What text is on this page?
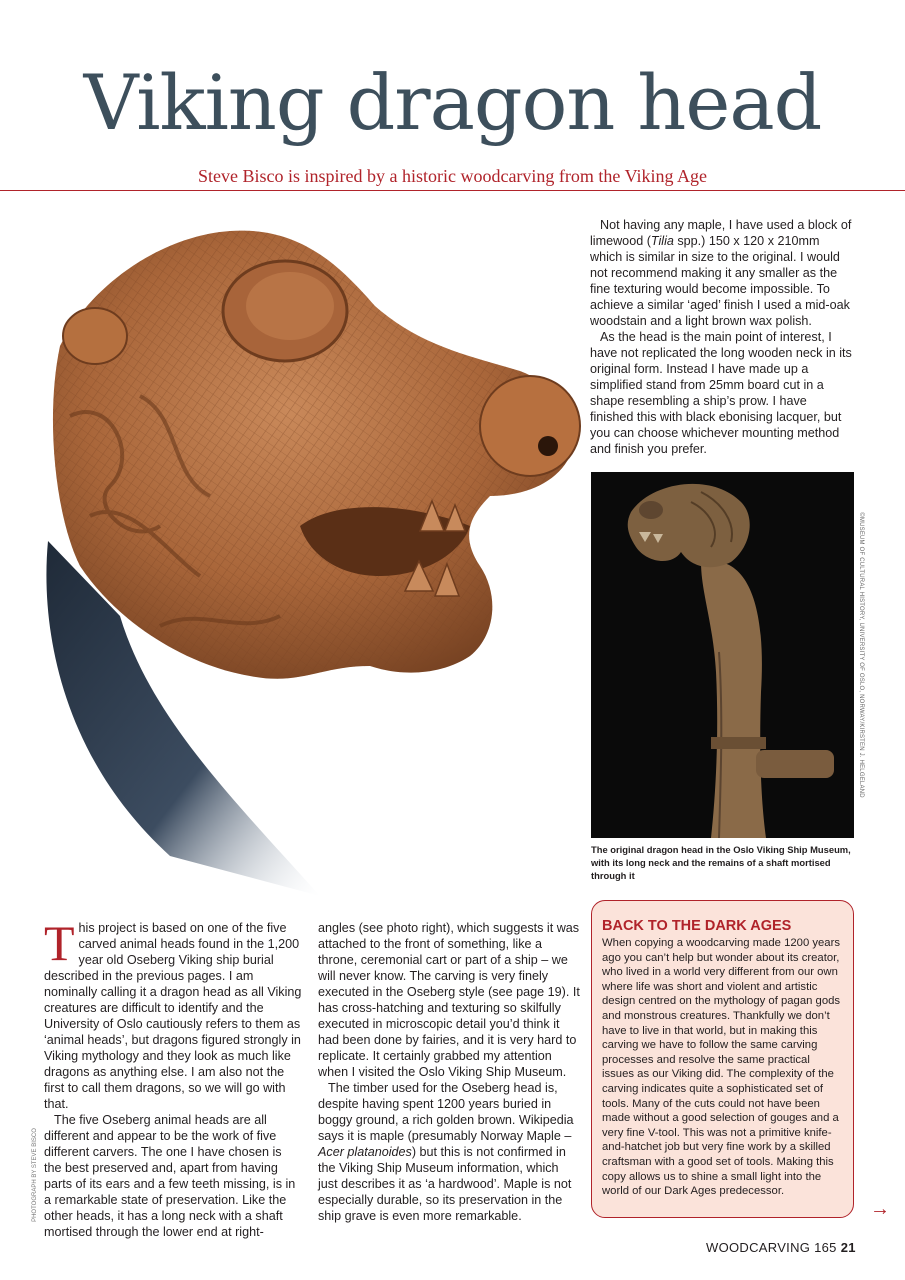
Viking dragon head
Steve Bisco is inspired by a historic woodcarving from the Viking Age

Not having any maple, I have used a block of limewood (Tilia spp.) 150 x 120 x 210mm which is similar in size to the original. I would not recommend making it any smaller as the fine texturing would become impossible. To achieve a similar ‘aged’ finish I used a mid-oak woodstain and a light brown wax polish.

As the head is the main point of interest, I have not replicated the long wooden neck in its original form. Instead I have made up a simplified stand from 25mm board cut in a shape resembling a ship’s prow. I have finished this with black ebonising lacquer, but you can choose whichever mounting method and finish you prefer.

©MUSEUM OF CULTURAL HISTORY, UNIVERSITY OF OSLO, NORWAY/KIRSTEN J. HELGELAND
The original dragon head in the Oslo Viking Ship Museum, with its long neck and the remains of a shaft mortised through it

This project is based on one of the five carved animal heads found in the 1,200 year old Oseberg Viking ship burial described in the previous pages. I am nominally calling it a dragon head as all Viking creatures are difficult to identify and the University of Oslo cautiously refers to them as ‘animal heads’, but dragons figured strongly in Viking mythology and they look as much like dragons as anything else. I am also not the first to call them dragons, so we will go with that.

The five Oseberg animal heads are all different and appear to be the work of five different carvers. The one I have chosen is the best preserved and, apart from having parts of its ears and a few teeth missing, is in a remarkable state of preservation. Like the other heads, it has a long neck with a shaft mortised through the lower end at right-

angles (see photo right), which suggests it was attached to the front of something, like a throne, ceremonial cart or part of a ship – we will never know. The carving is very finely executed in the Oseberg style (see page 19). It has cross-hatching and texturing so skilfully executed in microscopic detail you’d think it had been done by fairies, and it is very hard to replicate. It certainly grabbed my attention when I visited the Oslo Viking Ship Museum.

The timber used for the Oseberg head is, despite having spent 1200 years buried in boggy ground, a rich golden brown. Wikipedia says it is maple (presumably Norway Maple – Acer platanoides) but this is not confirmed in the Viking Ship Museum information, which just describes it as ‘a hardwood’. Maple is not especially durable, so its preservation in the ship grave is even more remarkable.

PHOTOGRAPH BY STEVE BISCO
BACK TO THE DARK AGES

When copying a woodcarving made 1200 years ago you can’t help but wonder about its creator, who lived in a world very different from our own where life was short and violent and artistic design centred on the mythology of pagan gods and monstrous creatures. Thankfully we don’t have to live in that world, but in making this carving we have to follow the same carving processes and resolve the same practical issues as our Viking did. The complexity of the carving indicates quite a sophisticated set of tools. Many of the cuts could not have been made without a good selection of gouges and a very fine V-tool. This was not a primitive knife-and-hatchet job but very fine work by a skilled craftsman with a good set of tools. Making this copy allows us to shine a small light into the world of our Dark Ages predecessor.

→
WOODCARVING 165 21
